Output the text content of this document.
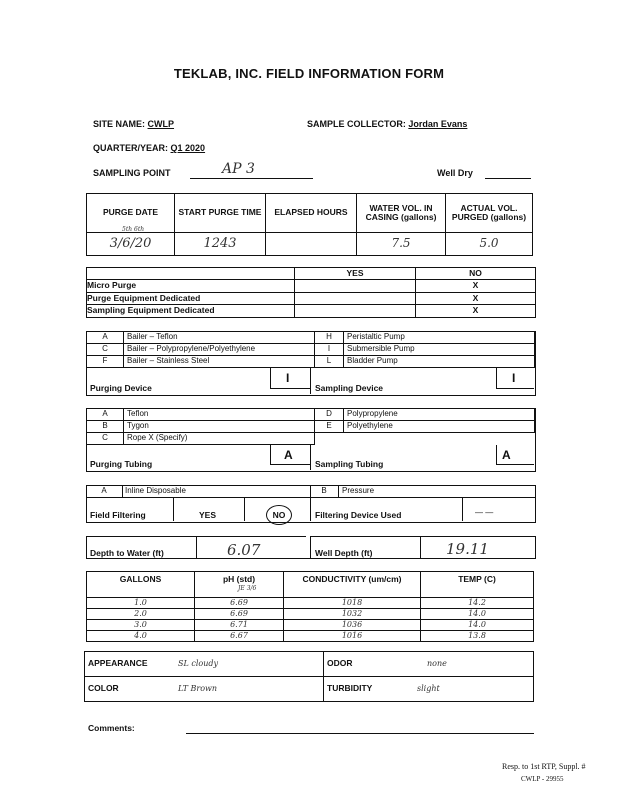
TEKLAB, INC. FIELD INFORMATION FORM
SITE NAME: CWLP	SAMPLE COLLECTOR: Jordan Evans
QUARTER/YEAR: Q1 2020
SAMPLING POINT	AP 3	Well Dry
PURGE DATE	START PURGE TIME	ELAPSED HOURS	WATER VOL. IN CASING (gallons)	ACTUAL VOL. PURGED (gallons)
3/6/20	1243		7.5	5.0
5th 6th
	YES	NO
Micro Purge		X
Purge Equipment Dedicated		X
Sampling Equipment Dedicated		X
A	Bailer – Teflon	H	Peristaltic Pump
C	Bailer – Polypropylene/Polyethylene	I	Submersible Pump
F	Bailer – Stainless Steel	L	Bladder Pump
Purging Device
I
Sampling Device
I
A	Teflon	D	Polypropylene
B	Tygon	E	Polyethylene
C	Rope X (Specify)		
Purging Tubing
A
Sampling Tubing
A
A	Inline Disposable	B	Pressure
Field Filtering	YES	NO	Filtering Device Used	— —
Depth to Water (ft)	6.07	Well Depth (ft)	19.11
GALLONS	pH (std)	CONDUCTIVITY (um/cm)	TEMP (C)
1.0	6.69	1018	14.2
2.0	6.69	1032	14.0
3.0	6.71	1036	14.0
4.0	6.67	1016	13.8
JE 3/6
APPEARANCE	SL cloudy	ODOR	none
COLOR	LT Brown	TURBIDITY	slight
Comments:
Resp. to 1st RTP, Suppl. #
CWLP - 29955
